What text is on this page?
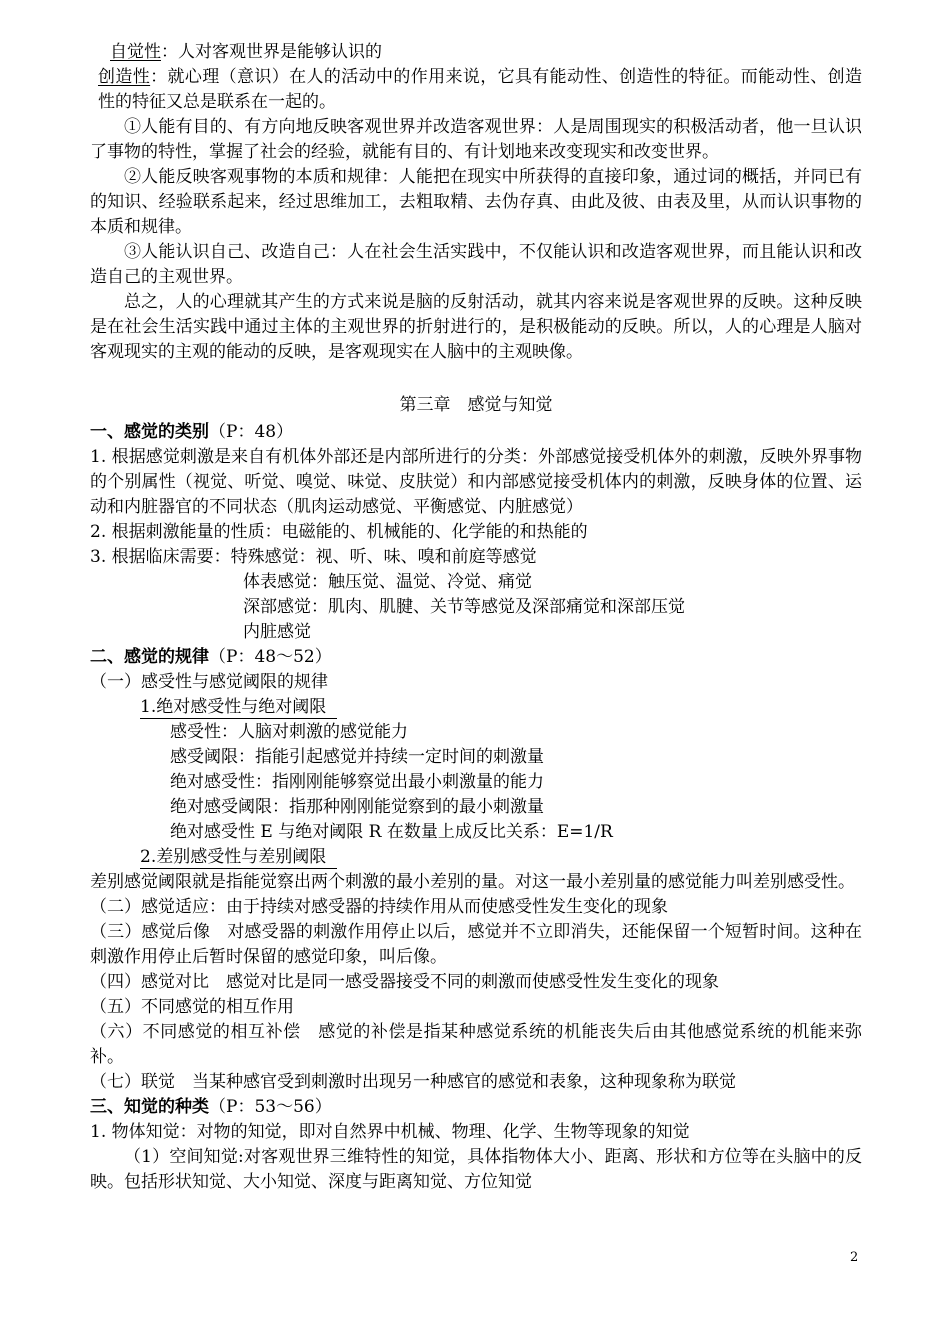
自觉性：人对客观世界是能够认识的

创造性：就心理（意识）在人的活动中的作用来说，它具有能动性、创造性的特征。而能动性、创造性的特征又总是联系在一起的。

①人能有目的、有方向地反映客观世界并改造客观世界：人是周围现实的积极活动者，他一旦认识了事物的特性，掌握了社会的经验，就能有目的、有计划地来改变现实和改变世界。

②人能反映客观事物的本质和规律：人能把在现实中所获得的直接印象，通过词的概括，并同已有的知识、经验联系起来，经过思维加工，去粗取精、去伪存真、由此及彼、由表及里，从而认识事物的本质和规律。

③人能认识自己、改造自己：人在社会生活实践中，不仅能认识和改造客观世界，而且能认识和改造自己的主观世界。

总之，人的心理就其产生的方式来说是脑的反射活动，就其内容来说是客观世界的反映。这种反映是在社会生活实践中通过主体的主观世界的折射进行的，是积极能动的反映。所以，人的心理是人脑对客观现实的主观的能动的反映，是客观现实在人脑中的主观映像。

第三章　感觉与知觉

一、感觉的类别（P：48）

1. 根据感觉刺激是来自有机体外部还是内部所进行的分类：外部感觉接受机体外的刺激，反映外界事物的个别属性（视觉、听觉、嗅觉、味觉、皮肤觉）和内部感觉接受机体内的刺激，反映身体的位置、运动和内脏器官的不同状态（肌肉运动感觉、平衡感觉、内脏感觉）

2. 根据刺激能量的性质：电磁能的、机械能的、化学能的和热能的

3. 根据临床需要：特殊感觉：视、听、味、嗅和前庭等感觉

体表感觉：触压觉、温觉、冷觉、痛觉

深部感觉：肌肉、肌腱、关节等感觉及深部痛觉和深部压觉

内脏感觉

二、感觉的规律（P：48～52）

（一）感受性与感觉阈限的规律

1.绝对感受性与绝对阈限

感受性：人脑对刺激的感觉能力

感受阈限：指能引起感觉并持续一定时间的刺激量

绝对感受性：指刚刚能够察觉出最小刺激量的能力

绝对感受阈限：指那种刚刚能觉察到的最小刺激量

绝对感受性 E 与绝对阈限 R 在数量上成反比关系：E=1/R

2.差别感受性与差别阈限

差别感觉阈限就是指能觉察出两个刺激的最小差别的量。对这一最小差别量的感觉能力叫差别感受性。

（二）感觉适应：由于持续对感受器的持续作用从而使感受性发生变化的现象

（三）感觉后像　对感受器的刺激作用停止以后，感觉并不立即消失，还能保留一个短暂时间。这种在刺激作用停止后暂时保留的感觉印象，叫后像。

（四）感觉对比　感觉对比是同一感受器接受不同的刺激而使感受性发生变化的现象

（五）不同感觉的相互作用

（六）不同感觉的相互补偿　感觉的补偿是指某种感觉系统的机能丧失后由其他感觉系统的机能来弥补。

（七）联觉　当某种感官受到刺激时出现另一种感官的感觉和表象，这种现象称为联觉

三、知觉的种类（P：53～56）

1. 物体知觉：对物的知觉，即对自然界中机械、物理、化学、生物等现象的知觉

（1）空间知觉:对客观世界三维特性的知觉，具体指物体大小、距离、形状和方位等在头脑中的反映。包括形状知觉、大小知觉、深度与距离知觉、方位知觉

2
